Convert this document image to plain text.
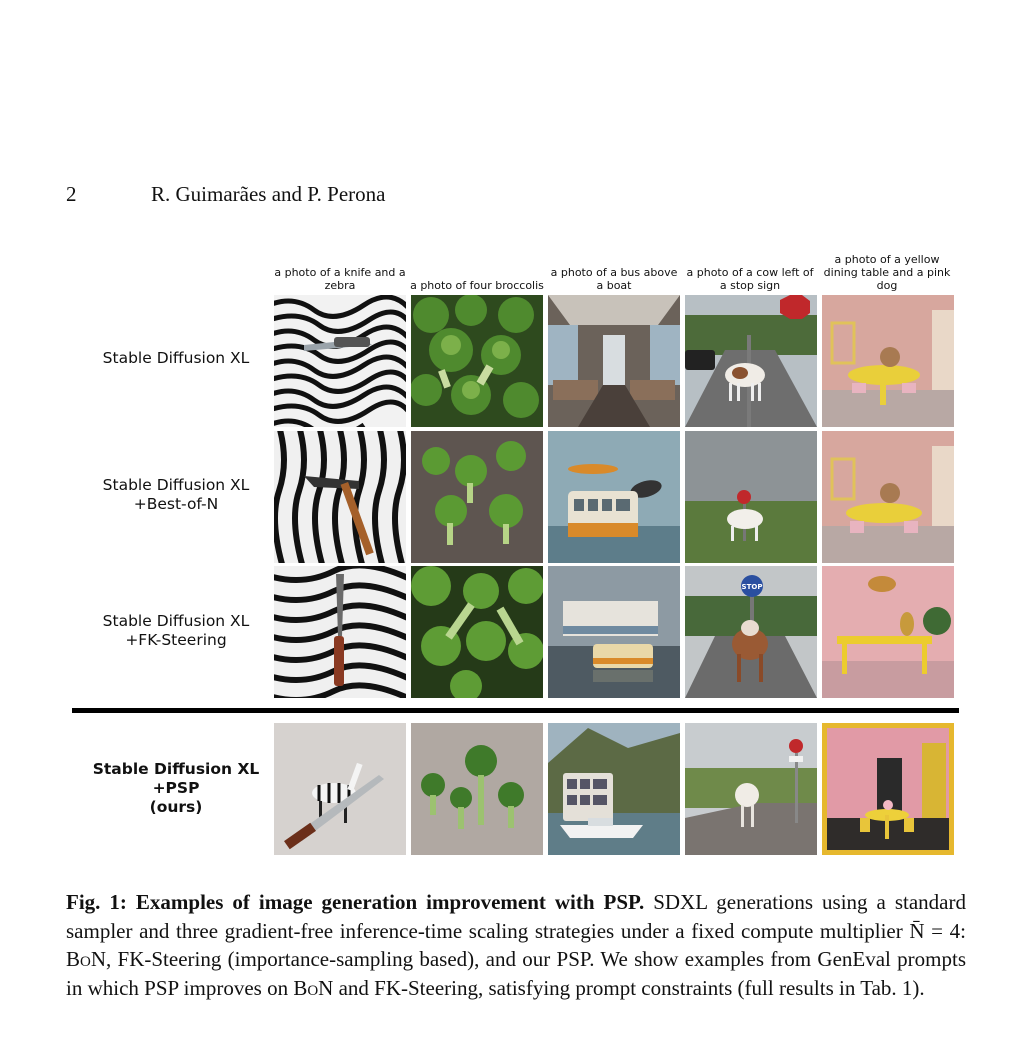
2	R. Guimarães and P. Perona
a photo of a knife and a zebra	a photo of four broccolis
a photo of a bus above a boat
a photo of a cow left of a stop sign
a photo of a yellow dining table and a pink dog
Stable Diffusion XL
Stable Diffusion XL
+Best-of-N
Stable Diffusion XL
+FK-Steering
Stable Diffusion XL
+PSP
(ours)
STOP
Fig. 1: Examples of image generation improvement with PSP. SDXL generations using a standard sampler and three gradient-free inference-time scaling strategies under a fixed compute multiplier N̄ = 4: BoN, FK-Steering (importance-sampling based), and our PSP. We show examples from GenEval prompts in which PSP improves on BoN and FK-Steering, satisfying prompt constraints (full results in Tab. 1).
